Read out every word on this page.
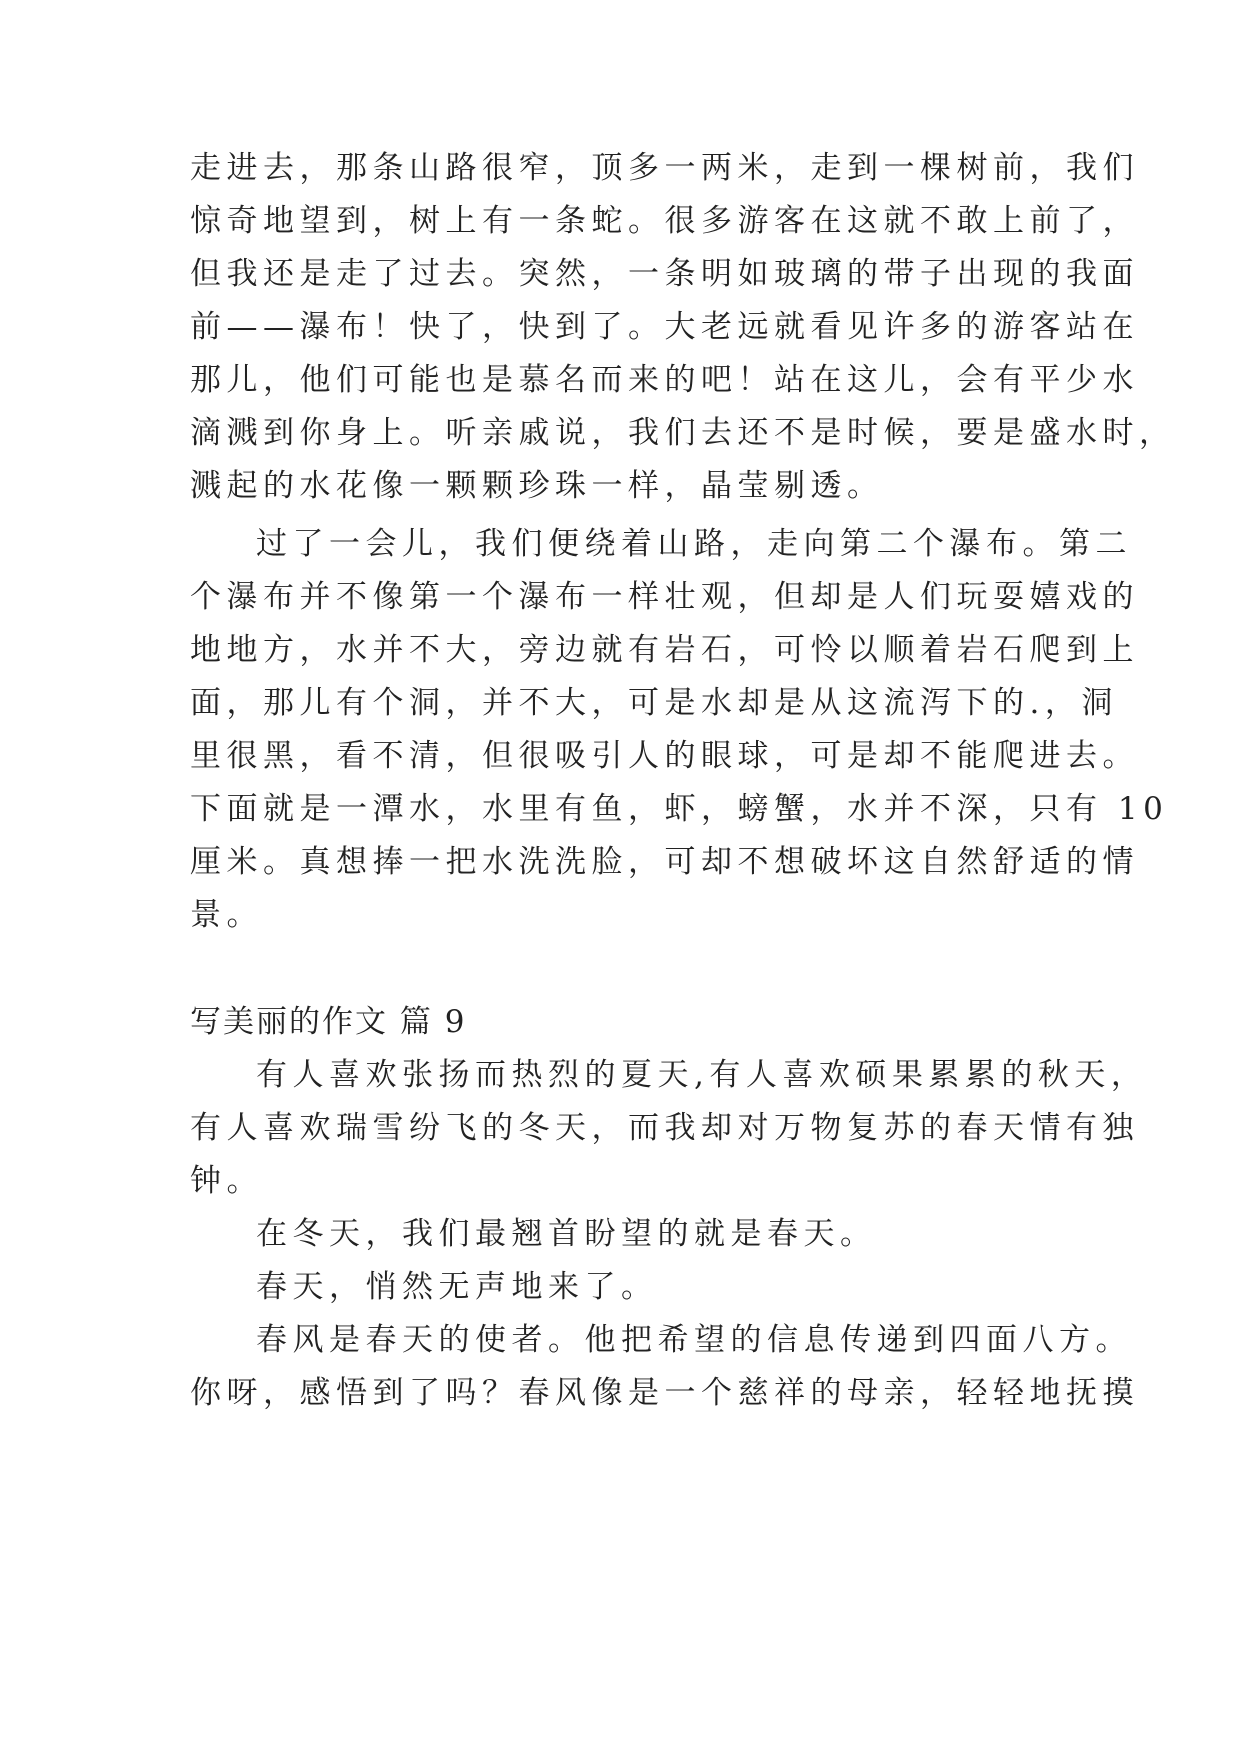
走进去，那条山路很窄，顶多一两米，走到一棵树前，我们
惊奇地望到，树上有一条蛇。很多游客在这就不敢上前了，
但我还是走了过去。突然，一条明如玻璃的带子出现的我面
前——瀑布！快了，快到了。大老远就看见许多的游客站在
那儿，他们可能也是慕名而来的吧！站在这儿，会有平少水
滴溅到你身上。听亲戚说，我们去还不是时候，要是盛水时，
溅起的水花像一颗颗珍珠一样，晶莹剔透。
过了一会儿，我们便绕着山路，走向第二个瀑布。第二
个瀑布并不像第一个瀑布一样壮观，但却是人们玩耍嬉戏的
地地方，水并不大，旁边就有岩石，可怜以顺着岩石爬到上
面，那儿有个洞，并不大，可是水却是从这流泻下的.，洞
里很黑，看不清，但很吸引人的眼球，可是却不能爬进去。
下面就是一潭水，水里有鱼，虾，螃蟹，水并不深，只有 10
厘米。真想捧一把水洗洗脸，可却不想破坏这自然舒适的情
景。
写美丽的作文 篇 9
有人喜欢张扬而热烈的夏天,有人喜欢硕果累累的秋天，
有人喜欢瑞雪纷飞的冬天，而我却对万物复苏的春天情有独
钟。
在冬天，我们最翘首盼望的就是春天。
春天，悄然无声地来了。
春风是春天的使者。他把希望的信息传递到四面八方。
你呀，感悟到了吗？春风像是一个慈祥的母亲，轻轻地抚摸
